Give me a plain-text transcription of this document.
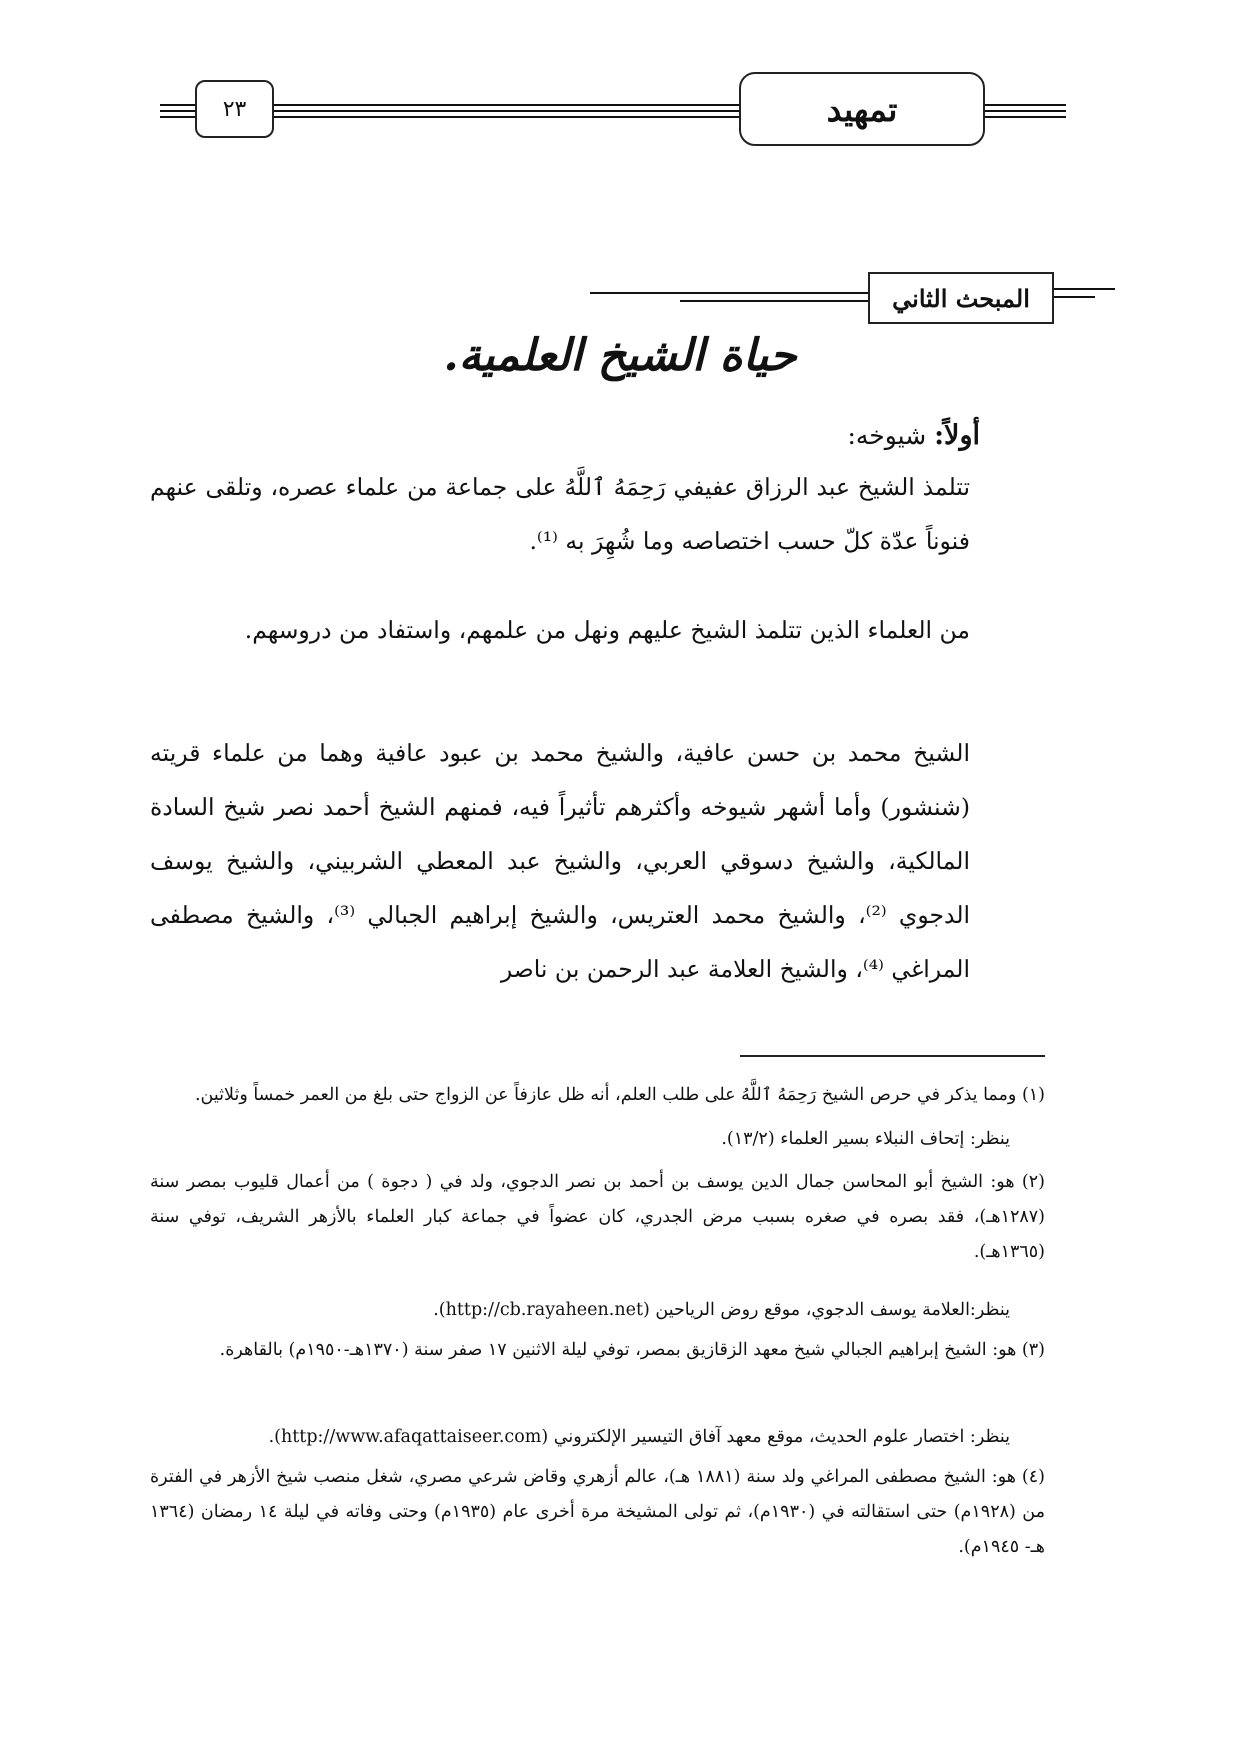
تمهيد
٢٣
المبحث الثاني
حياة الشيخ العلمية.
أولاً: شيوخه:

تتلمذ الشيخ عبد الرزاق عفيفي رَحِمَهُ ٱللَّهُ على جماعة من علماء عصره، وتلقى عنهم فنوناً عدّة كلّ حسب اختصاصه وما شُهِرَ به ⁽¹⁾.

من العلماء الذين تتلمذ الشيخ عليهم ونهل من علمهم، واستفاد من دروسهم.

الشيخ محمد بن حسن عافية، والشيخ محمد بن عبود عافية وهما من علماء قريته (شنشور) وأما أشهر شيوخه وأكثرهم تأثيراً فيه، فمنهم الشيخ أحمد نصر شيخ السادة المالكية، والشيخ دسوقي العربي، والشيخ عبد المعطي الشربيني، والشيخ يوسف الدجوي ⁽²⁾، والشيخ محمد العتريس، والشيخ إبراهيم الجبالي ⁽³⁾، والشيخ مصطفى المراغي ⁽⁴⁾، والشيخ العلامة عبد الرحمن بن ناصر

(١) ومما يذكر في حرص الشيخ رَحِمَهُ ٱللَّهُ على طلب العلم، أنه ظل عازفاً عن الزواج حتى بلغ من العمر خمساً وثلاثين.

ينظر: إتحاف النبلاء بسير العلماء (١٣/٢).

(٢) هو: الشيخ أبو المحاسن جمال الدين يوسف بن أحمد بن نصر الدجوي، ولد في ( دجوة ) من أعمال قليوب بمصر سنة (١٢٨٧هـ)، فقد بصره في صغره بسبب مرض الجدري، كان عضواً في جماعة كبار العلماء بالأزهر الشريف، توفي سنة (١٣٦٥هـ).

ينظر:العلامة يوسف الدجوي، موقع روض الرياحين (http://cb.rayaheen.net).

(٣) هو: الشيخ إبراهيم الجبالي شيخ معهد الزقازيق بمصر، توفي ليلة الاثنين ١٧ صفر سنة (١٣٧٠هـ-١٩٥٠م) بالقاهرة.

ينظر: اختصار علوم الحديث، موقع معهد آفاق التيسير الإلكتروني (http://www.afaqattaiseer.com).

(٤) هو: الشيخ مصطفى المراغي ولد سنة (١٨٨١ هـ)، عالم أزهري وقاض شرعي مصري، شغل منصب شيخ الأزهر في الفترة من (١٩٢٨م) حتى استقالته في (١٩٣٠م)، ثم تولى المشيخة مرة أخرى عام (١٩٣٥م) وحتى وفاته في ليلة ١٤ رمضان (١٣٦٤ هـ- ١٩٤٥م).
